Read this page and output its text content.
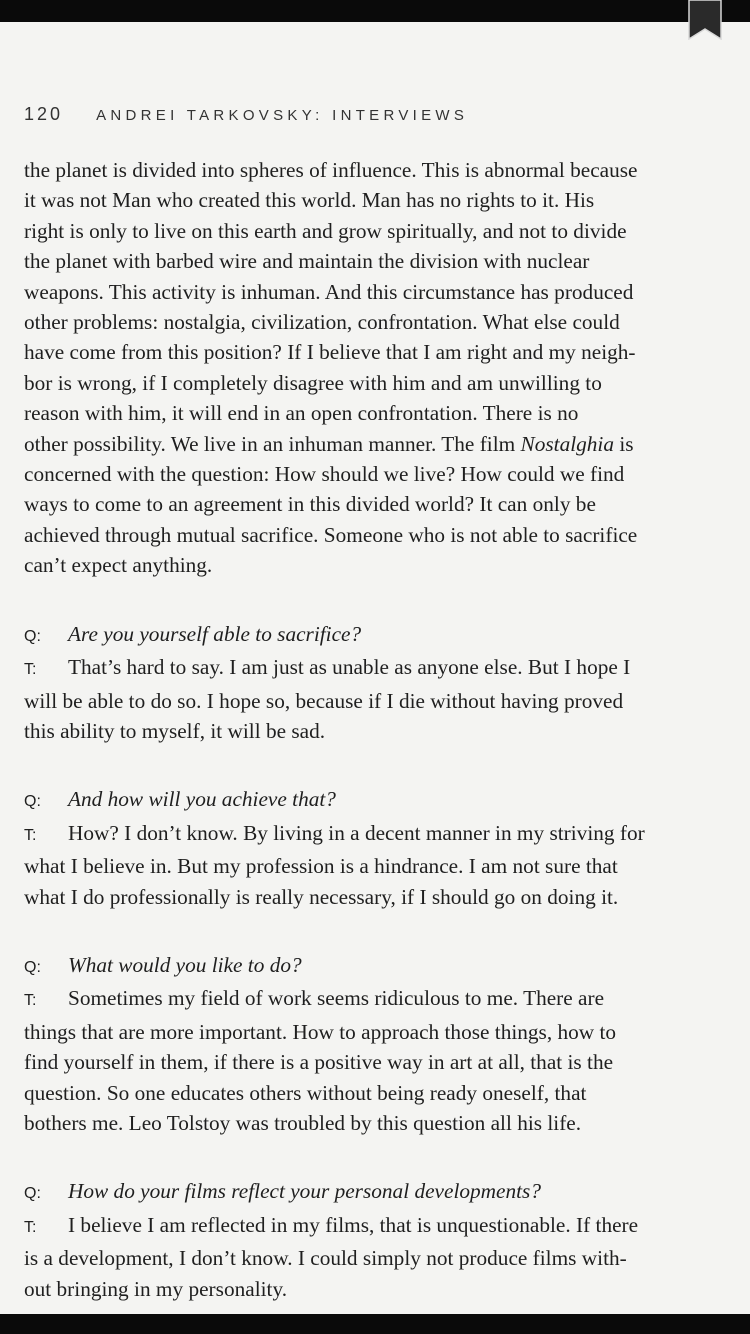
120 ANDREI TARKOVSKY: INTERVIEWS

the planet is divided into spheres of influence. This is abnormal because

it was not Man who created this world. Man has no rights to it. His

right is only to live on this earth and grow spiritually, and not to divide

the planet with barbed wire and maintain the division with nuclear

weapons. This activity is inhuman. And this circumstance has produced

other problems: nostalgia, civilization, confrontation. What else could

have come from this position? If I believe that I am right and my neigh-

bor is wrong, if I completely disagree with him and am unwilling to

reason with him, it will end in an open confrontation. There is no

other possibility. We live in an inhuman manner. The film Nostalghia is

concerned with the question: How should we live? How could we find

ways to come to an agreement in this divided world? It can only be

achieved through mutual sacrifice. Someone who is not able to sacrifice

can’t expect anything.

Q: Are you yourself able to sacrifice?

T: That’s hard to say. I am just as unable as anyone else. But I hope I

will be able to do so. I hope so, because if I die without having proved

this ability to myself, it will be sad.

Q: And how will you achieve that?

T: How? I don’t know. By living in a decent manner in my striving for

what I believe in. But my profession is a hindrance. I am not sure that

what I do professionally is really necessary, if I should go on doing it.

Q: What would you like to do?

T: Sometimes my field of work seems ridiculous to me. There are

things that are more important. How to approach those things, how to

find yourself in them, if there is a positive way in art at all, that is the

question. So one educates others without being ready oneself, that

bothers me. Leo Tolstoy was troubled by this question all his life.

Q: How do your films reflect your personal developments?

T: I believe I am reflected in my films, that is unquestionable. If there

is a development, I don’t know. I could simply not produce films with-

out bringing in my personality.
